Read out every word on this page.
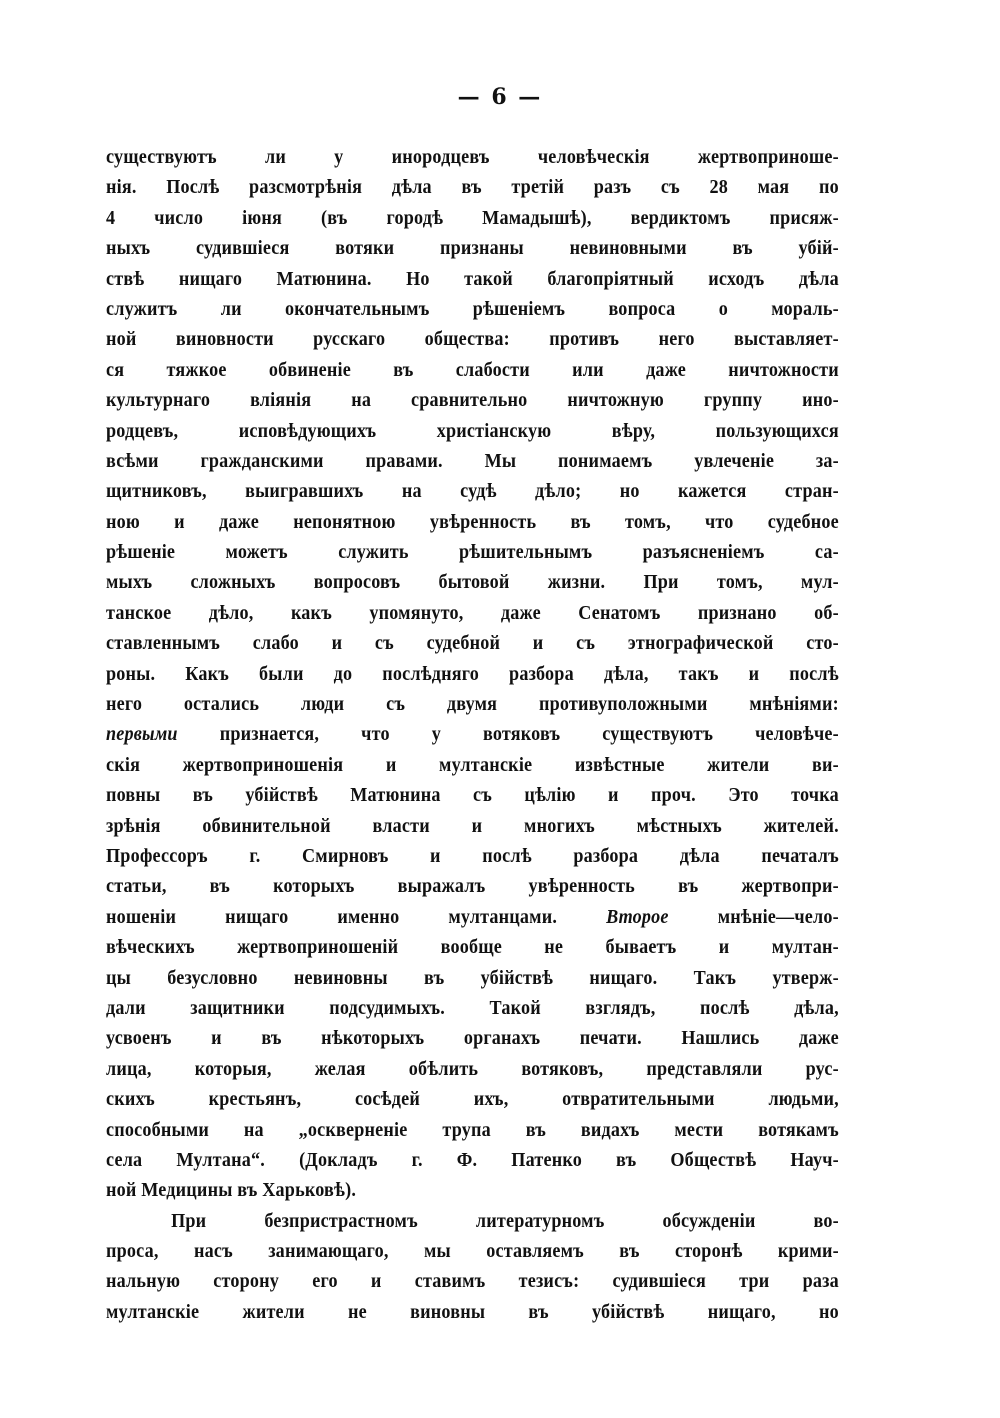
— 6 —
существуютъ ли у инородцевъ человѣческія жертвоприноше-
нія. Послѣ разсмотрѣнія дѣла въ третій разъ съ 28 мая по
4 число іюня (въ городѣ Мамадышѣ), вердиктомъ присяж-
ныхъ судившіеся вотяки признаны невиновными въ убій-
ствѣ нищаго Матюнина. Но такой благопріятный исходъ дѣла
служитъ ли окончательнымъ рѣшеніемъ вопроса о мораль-
ной виновности русскаго общества: противъ него выставляет-
ся тяжкое обвиненіе въ слабости или даже ничтожности
культурнаго вліянія на сравнительно ничтожную группу ино-
родцевъ, исповѣдующихъ христіанскую вѣру, пользующихся
всѣми гражданскими правами. Мы понимаемъ увлеченіе за-
щитниковъ, выигравшихъ на судѣ дѣло; но кажется стран-
ною и даже непонятною увѣренность въ томъ, что судебное
рѣшеніе можетъ служить рѣшительнымъ разъясненіемъ са-
мыхъ сложныхъ вопросовъ бытовой жизни. При томъ, мул-
танское дѣло, какъ упомянуто, даже Сенатомъ признано об-
ставленнымъ слабо и съ судебной и съ этнографической сто-
роны. Какъ были до послѣдняго разбора дѣла, такъ и послѣ
него остались люди съ двумя противуположными мнѣніями:
первыми признается, что у вотяковъ существуютъ человѣче-
скія жертвоприношенія и мултанскіе извѣстные жители ви-
повны въ убійствѣ Матюнина съ цѣлію и проч. Это точка
зрѣнія обвинительной власти и многихъ мѣстныхъ жителей.
Профессоръ г. Смирновъ и послѣ разбора дѣла печаталъ
статьи, въ которыхъ выражалъ увѣренность въ жертвопри-
ношеніи нищаго именно мултанцами. Второе мнѣніе—чело-
вѣческихъ жертвоприношеній вообще не бываетъ и мултан-
цы безусловно невиновны въ убійствѣ нищаго. Такъ утверж-
дали защитники подсудимыхъ. Такой взглядъ, послѣ дѣла,
усвоенъ и въ нѣкоторыхъ органахъ печати. Нашлись даже
лица, которыя, желая обѣлить вотяковъ, представляли рус-
скихъ крестьянъ, сосѣдей ихъ, отвратительными людьми,
способными на „оскверненіе трупа въ видахъ мести вотякамъ
села Мултана“. (Докладъ г. Ф. Патенко въ Обществѣ Науч-
ной Медицины въ Харьковѣ).
При безпристрастномъ литературномъ обсужденіи во-
проса, насъ занимающаго, мы оставляемъ въ сторонѣ крими-
нальную сторону его и ставимъ тезисъ: судившіеся три раза
мултанскіе жители не виновны въ убійствѣ нищаго, но
